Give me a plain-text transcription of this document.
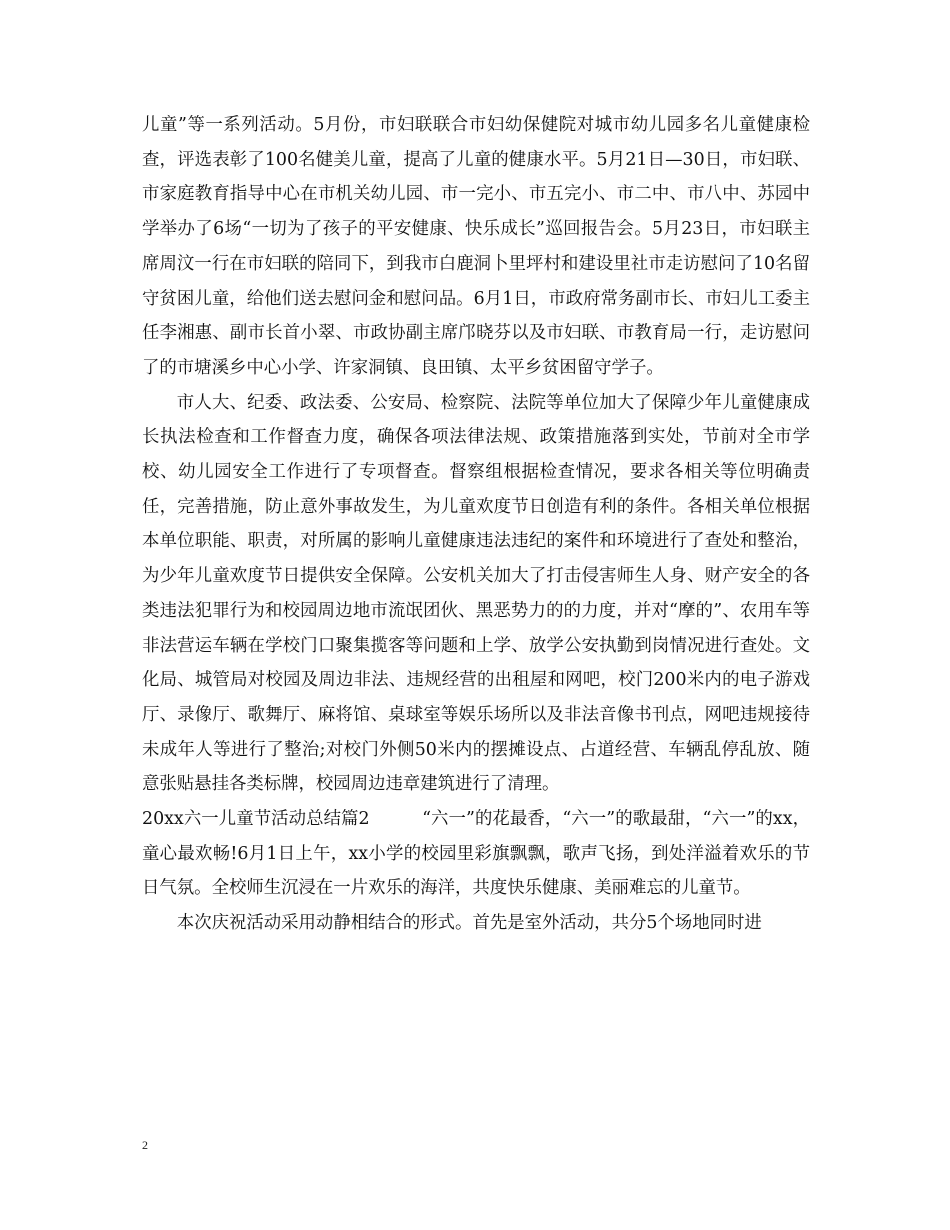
儿童”等一系列活动。5月份，市妇联联合市妇幼保健院对城市幼儿园多名儿童健康检查，评选表彰了100名健美儿童，提高了儿童的健康水平。5月21日—30日，市妇联、市家庭教育指导中心在市机关幼儿园、市一完小、市五完小、市二中、市八中、苏园中学举办了6场“一切为了孩子的平安健康、快乐成长”巡回报告会。5月23日，市妇联主席周汶一行在市妇联的陪同下，到我市白鹿洞卜里坪村和建设里社市走访慰问了10名留守贫困儿童，给他们送去慰问金和慰问品。6月1日，市政府常务副市长、市妇儿工委主任李湘惠、副市长首小翠、市政协副主席邝晓芬以及市妇联、市教育局一行，走访慰问了的市塘溪乡中心小学、许家洞镇、良田镇、太平乡贫困留守学子。

市人大、纪委、政法委、公安局、检察院、法院等单位加大了保障少年儿童健康成长执法检查和工作督查力度，确保各项法律法规、政策措施落到实处，节前对全市学校、幼儿园安全工作进行了专项督查。督察组根据检查情况，要求各相关等位明确责任，完善措施，防止意外事故发生，为儿童欢度节日创造有利的条件。各相关单位根据本单位职能、职责，对所属的影响儿童健康违法违纪的案件和环境进行了查处和整治，为少年儿童欢度节日提供安全保障。公安机关加大了打击侵害师生人身、财产安全的各类违法犯罪行为和校园周边地市流氓团伙、黑恶势力的的力度，并对“摩的”、农用车等非法营运车辆在学校门口聚集揽客等问题和上学、放学公安执勤到岗情况进行查处。文化局、城管局对校园及周边非法、违规经营的出租屋和网吧，校门200米内的电子游戏厅、录像厅、歌舞厅、麻将馆、桌球室等娱乐场所以及非法音像书刊点，网吧违规接待未成年人等进行了整治;对校门外侧50米内的摆摊设点、占道经营、车辆乱停乱放、随意张贴悬挂各类标牌，校园周边违章建筑进行了清理。

20xx六一儿童节活动总结篇2　　　“六一”的花最香，“六一”的歌最甜，“六一”的xx，童心最欢畅!6月1日上午，xx小学的校园里彩旗飘飘，歌声飞扬，到处洋溢着欢乐的节日气氛。全校师生沉浸在一片欢乐的海洋，共度快乐健康、美丽难忘的儿童节。

本次庆祝活动采用动静相结合的形式。首先是室外活动，共分5个场地同时进

2
